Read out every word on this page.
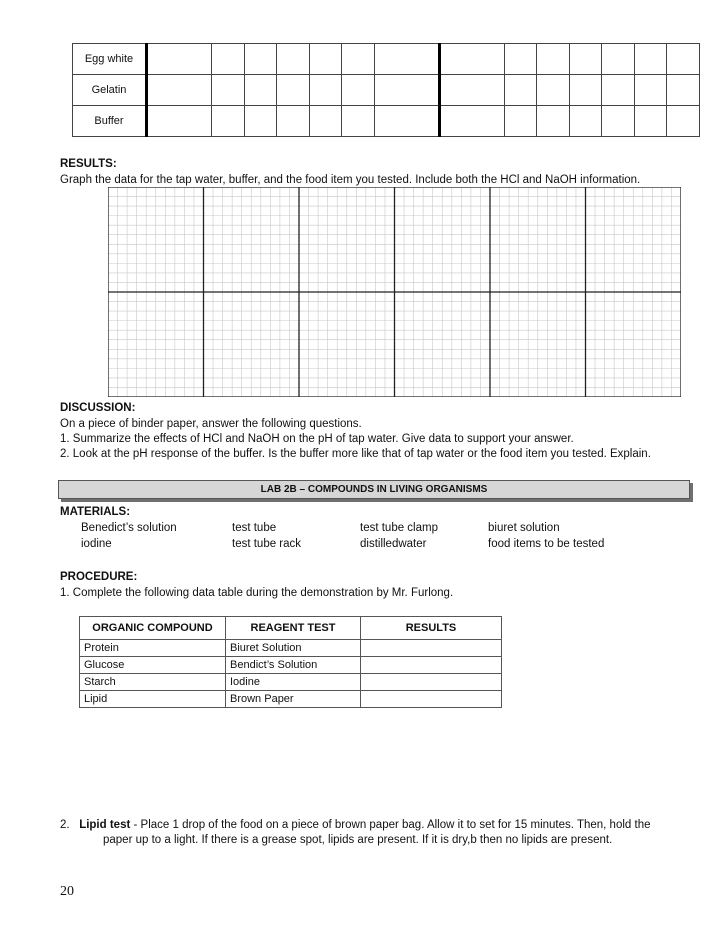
Egg white														
Gelatin														
Buffer														
RESULTS:
Graph the data for the tap water, buffer, and the food item you tested. Include both the HCl and NaOH information.
DISCUSSION:
On a piece of binder paper, answer the following questions.
1. Summarize the effects of HCl and NaOH on the pH of tap water. Give data to support your answer.
2. Look at the pH response of the buffer. Is the buffer more like that of tap water or the food item you tested. Explain.
LAB 2B – COMPOUNDS IN LIVING ORGANISMS
MATERIALS:
Benedict’s solution	test tube	test tube clamp	biuret solution
iodine	test tube rack	distilledwater	food items to be tested
PROCEDURE:
1. Complete the following data table during the demonstration by Mr. Furlong.
ORGANIC COMPOUND	REAGENT TEST	RESULTS
Protein	Biuret Solution	
Glucose	Bendict’s Solution	
Starch	Iodine	
Lipid	Brown Paper	
2. Lipid test - Place 1 drop of the food on a piece of brown paper bag. Allow it to set for 15 minutes. Then, hold the
paper up to a light. If there is a grease spot, lipids are present. If it is dry,b then no lipids are present.
20
